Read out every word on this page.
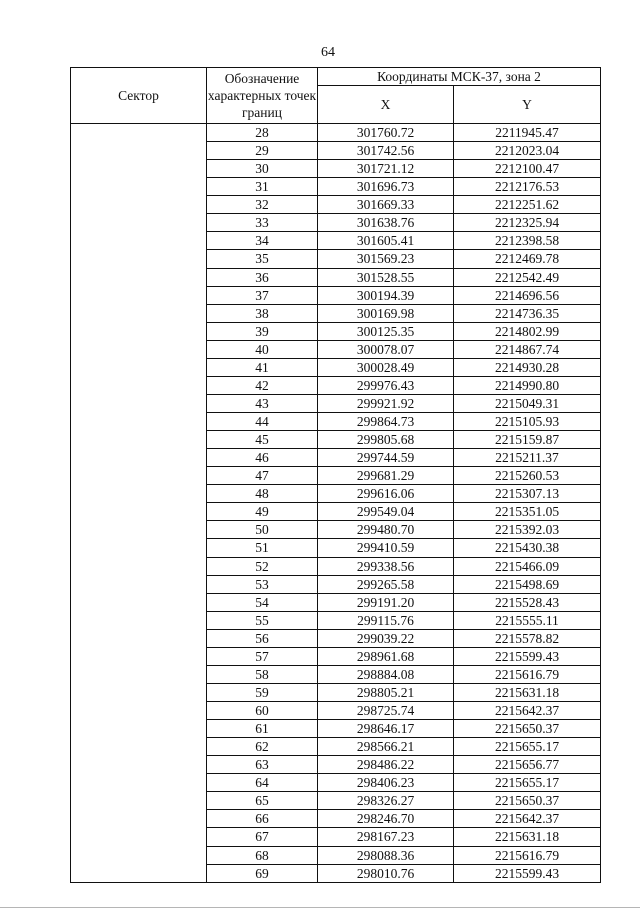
64
Сектор	Обозначение характерных точек границ	Координаты МСК-37, зона 2	
		X	Y
	28	301760.72	2211945.47
	29	301742.56	2212023.04
	30	301721.12	2212100.47
	31	301696.73	2212176.53
	32	301669.33	2212251.62
	33	301638.76	2212325.94
	34	301605.41	2212398.58
	35	301569.23	2212469.78
	36	301528.55	2212542.49
	37	300194.39	2214696.56
	38	300169.98	2214736.35
	39	300125.35	2214802.99
	40	300078.07	2214867.74
	41	300028.49	2214930.28
	42	299976.43	2214990.80
	43	299921.92	2215049.31
	44	299864.73	2215105.93
	45	299805.68	2215159.87
	46	299744.59	2215211.37
	47	299681.29	2215260.53
	48	299616.06	2215307.13
	49	299549.04	2215351.05
	50	299480.70	2215392.03
	51	299410.59	2215430.38
	52	299338.56	2215466.09
	53	299265.58	2215498.69
	54	299191.20	2215528.43
	55	299115.76	2215555.11
	56	299039.22	2215578.82
	57	298961.68	2215599.43
	58	298884.08	2215616.79
	59	298805.21	2215631.18
	60	298725.74	2215642.37
	61	298646.17	2215650.37
	62	298566.21	2215655.17
	63	298486.22	2215656.77
	64	298406.23	2215655.17
	65	298326.27	2215650.37
	66	298246.70	2215642.37
	67	298167.23	2215631.18
	68	298088.36	2215616.79
	69	298010.76	2215599.43
